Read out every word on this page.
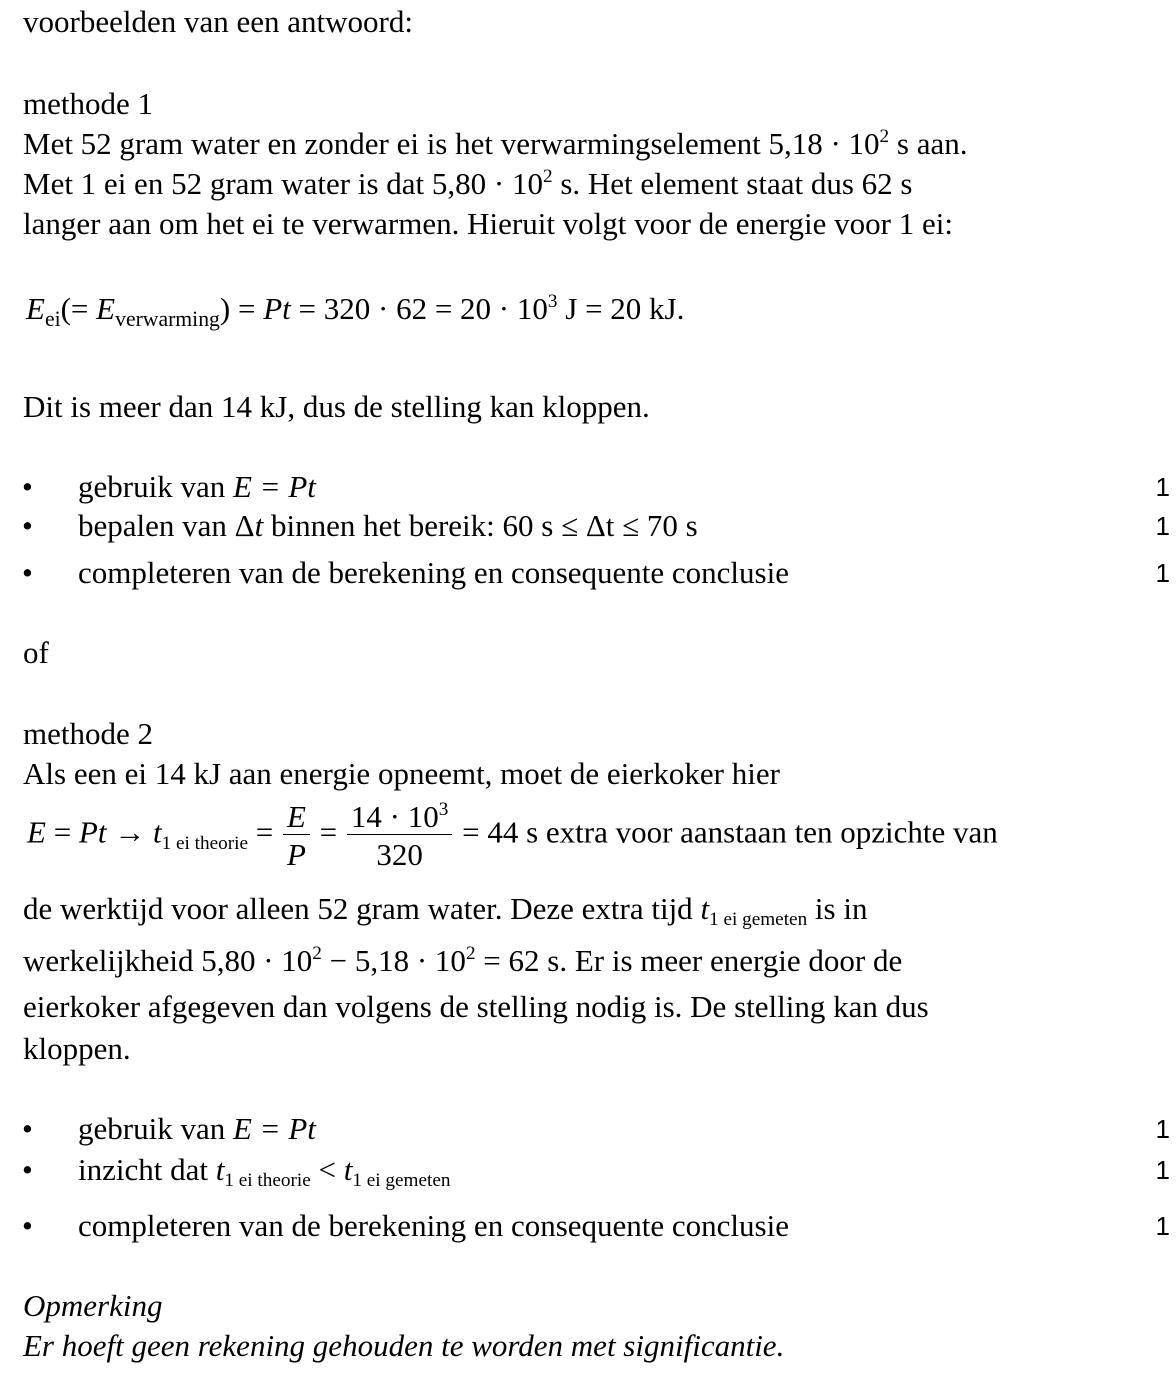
voorbeelden van een antwoord:
methode 1
Met 52 gram water en zonder ei is het verwarmingselement $5,18 \cdot 10^2$ s aan.
Met 1 ei en 52 gram water is dat $5,80 \cdot 10^2$ s. Het element staat dus 62 s
langer aan om het ei te verwarmen. Hieruit volgt voor de energie voor 1 ei:
$E_{ei}(= E_{verwarming}) = Pt = 320 \cdot 62 = 20 \cdot 10^3$ J = 20 kJ.
Dit is meer dan 14 kJ, dus de stelling kan kloppen.
• gebruik van E = Pt	1
• bepalen van Δt binnen het bereik: 60 s ≤ Δt ≤ 70 s	1
• completeren van de berekening en consequente conclusie	1
of
methode 2
Als een ei 14 kJ aan energie opneemt, moet de eierkoker hier
E = Pt → t1 ei theorie = $\frac{E}{P} = \frac{14 \cdot 10^3}{320} = 44$ s extra voor aanstaan ten opzichte van
de werktijd voor alleen 52 gram water. Deze extra tijd t1 ei gemeten is in
werkelijkheid $5,80 \cdot 10^2 - 5,18 \cdot 10^2 = 62$ s. Er is meer energie door de
eierkoker afgegeven dan volgens de stelling nodig is. De stelling kan dus
kloppen.
• gebruik van E = Pt	1
• inzicht dat t1 ei theorie < t1 ei gemeten	1
• completeren van de berekening en consequente conclusie	1
Opmerking
Er hoeft geen rekening gehouden te worden met significantie.
